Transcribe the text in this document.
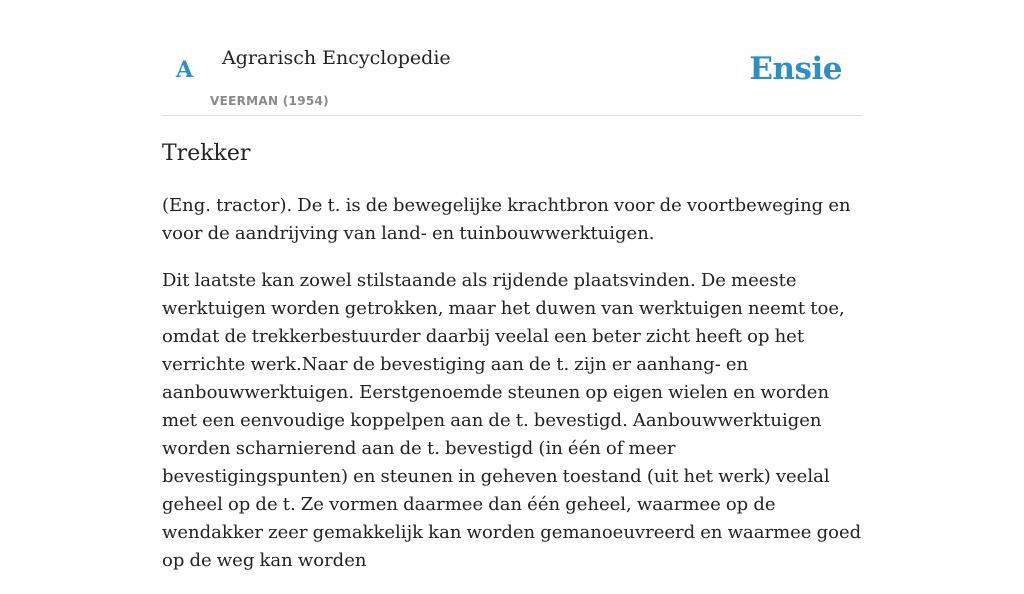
A Agrarisch Encyclopedie
VEERMAN (1954)
Ensie
Trekker

(Eng. tractor). De t. is de bewegelijke krachtbron voor de voortbeweging en voor de aandrijving van land- en tuinbouwwerktuigen.

Dit laatste kan zowel stilstaande als rijdende plaatsvinden. De meeste werktuigen worden getrokken, maar het duwen van werktuigen neemt toe, omdat de trekkerbestuurder daarbij veelal een beter zicht heeft op het verrichte werk.Naar de bevestiging aan de t. zijn er aanhang- en aanbouwwerktuigen. Eerstgenoemde steunen op eigen wielen en worden met een eenvoudige koppelpen aan de t. bevestigd. Aanbouwwerktuigen worden scharnierend aan de t. bevestigd (in één of meer bevestigingspunten) en steunen in geheven toestand (uit het werk) veelal geheel op de t. Ze vormen daarmee dan één geheel, waarmee op de wendakker zeer gemakkelijk kan worden gemanoeuvreerd en waarmee goed op de weg kan worden
